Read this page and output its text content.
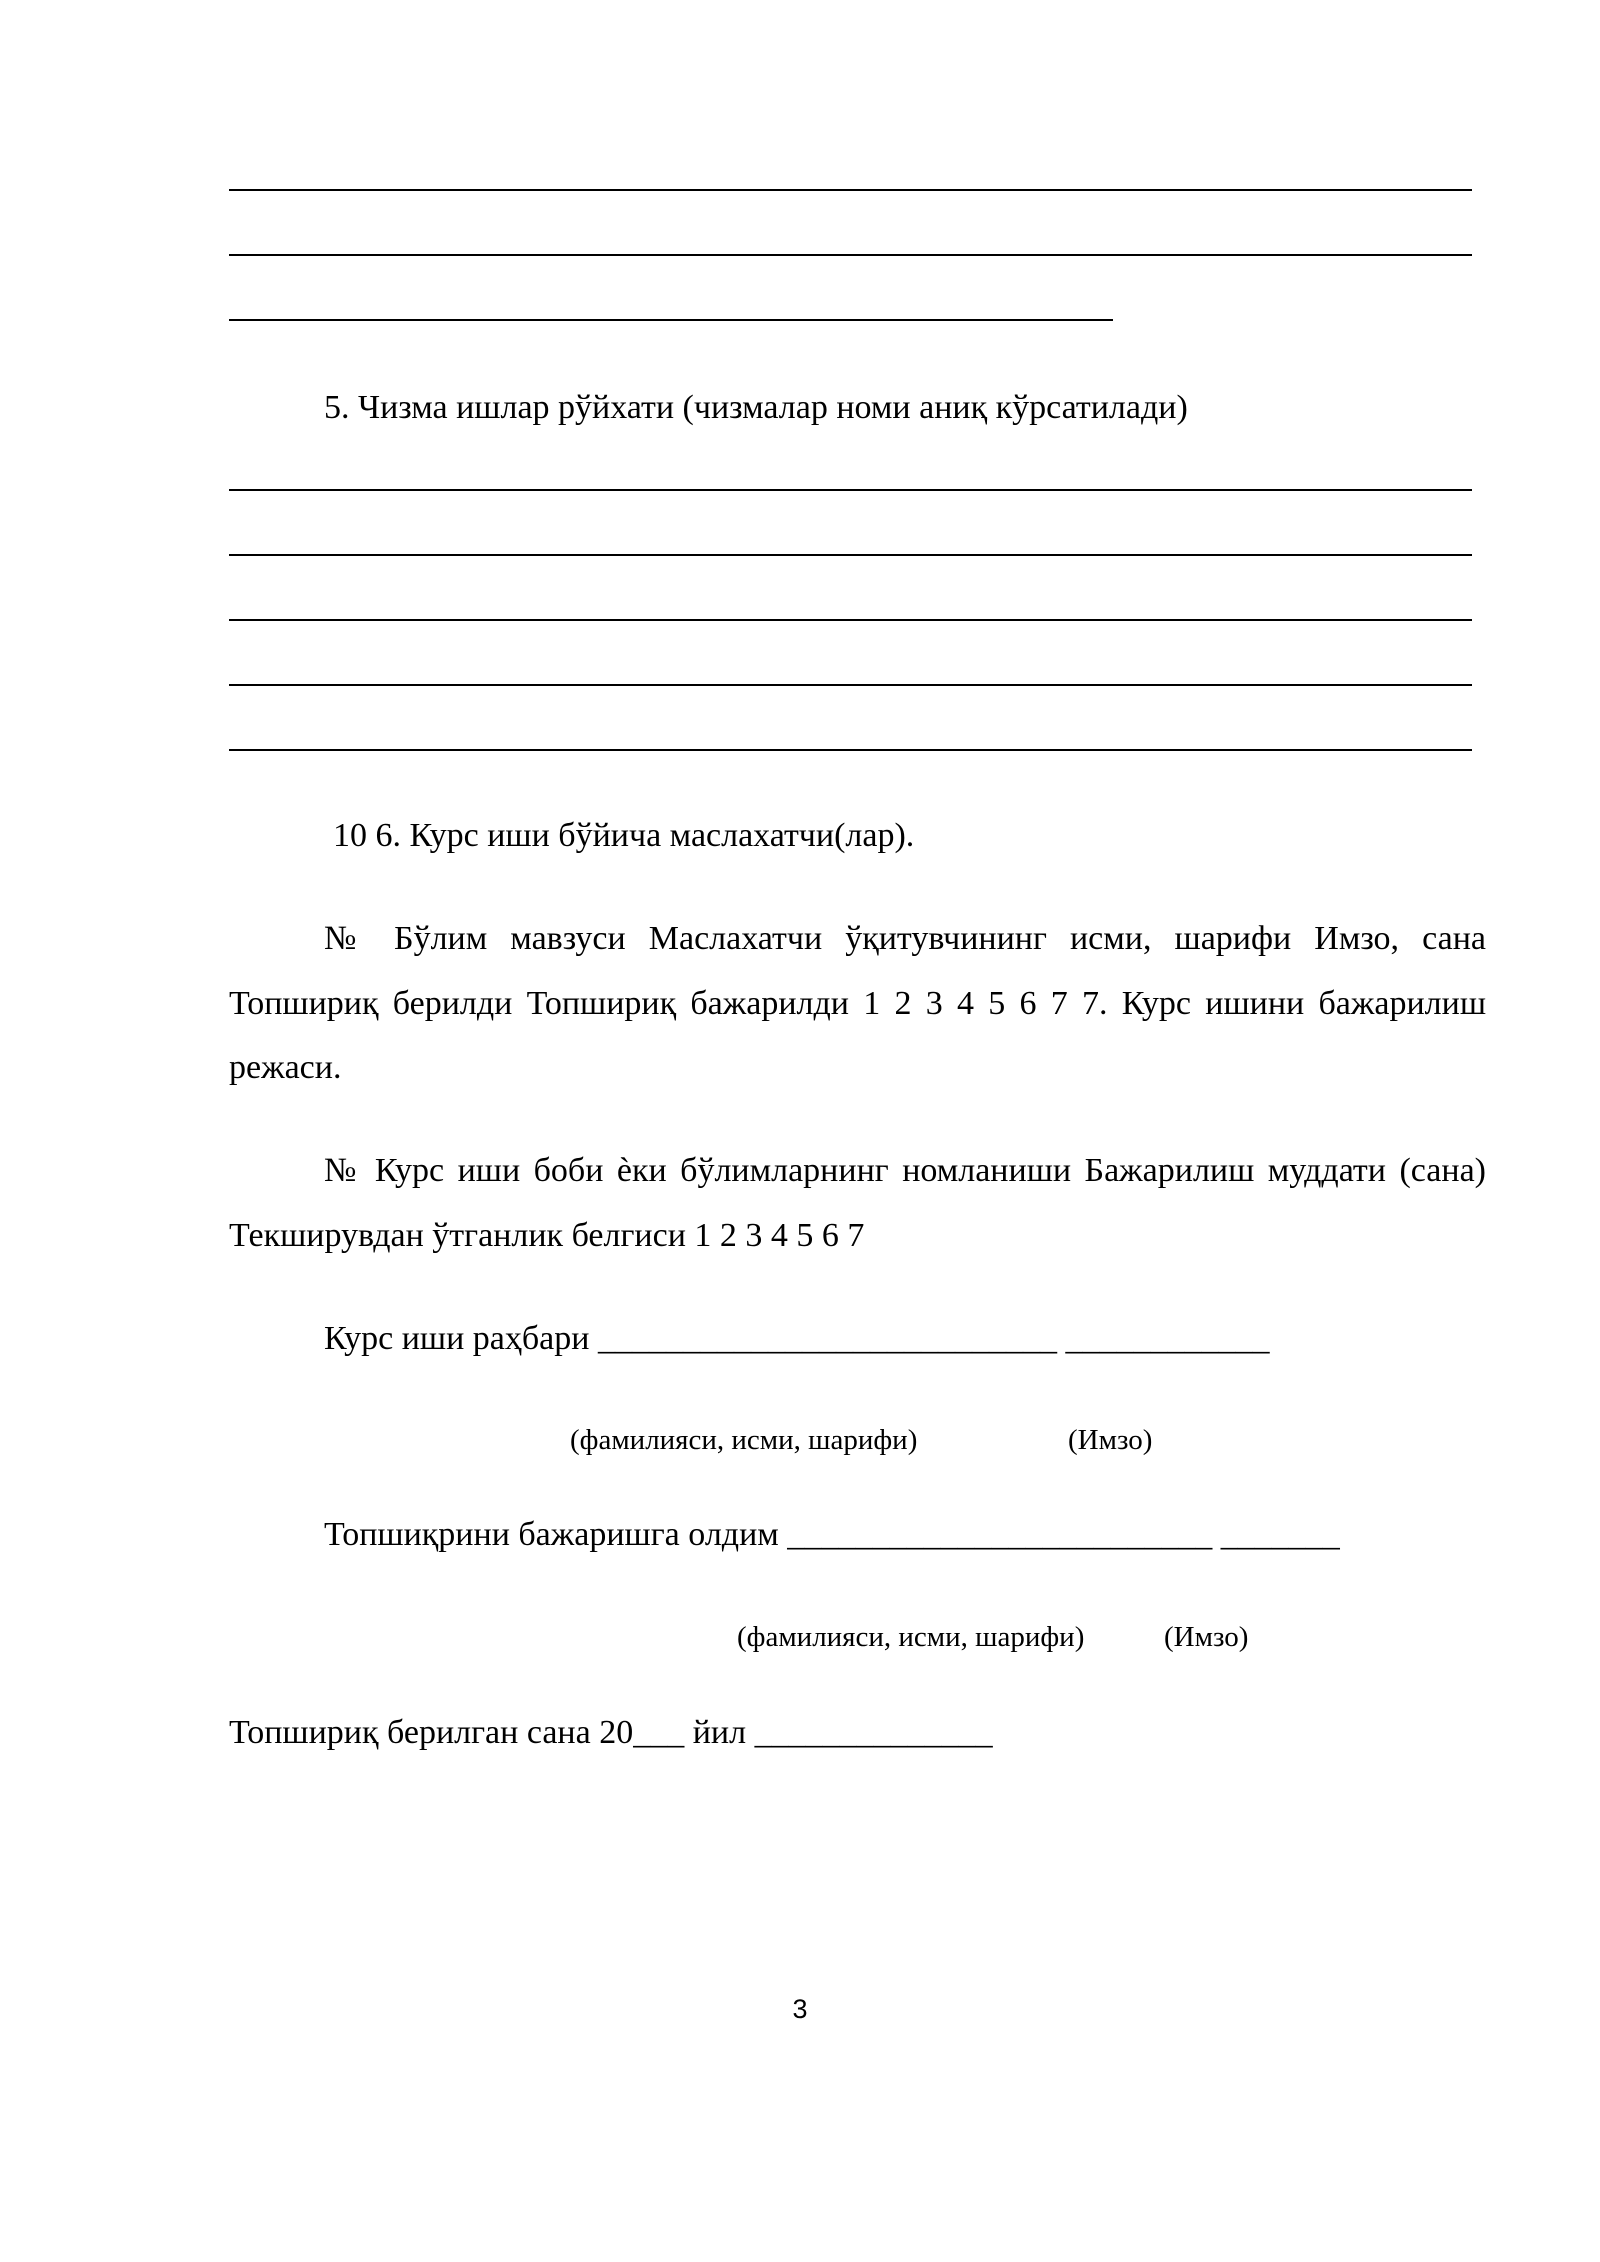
5. Чизма ишлар рўйхати (чизмалар номи аниқ кўрсатилади)
10 6. Курс иши бўйича маслахатчи(лар).
№ Бўлим мавзуси Маслахатчи ўқитувчининг исми, шарифи Имзо, сана Топшириқ берилди Топшириқ бажарилди 1 2 3 4 5 6 7 7. Курс ишини бажарилиш режаси.
№ Курс иши боби ѐки бўлимларнинг номланиши Бажарилиш муддати (сана) Текширувдан ўтганлик белгиси 1 2 3 4 5 6 7
Курс иши раҳбари ___________________________ ____________
(фамилияси, исми, шарифи)	(Имзо)
Топшиқрини бажаришга олдим _________________________ _______
(фамилияси, исми, шарифи)	(Имзо)
Топшириқ берилган сана 20___ йил ______________
3
